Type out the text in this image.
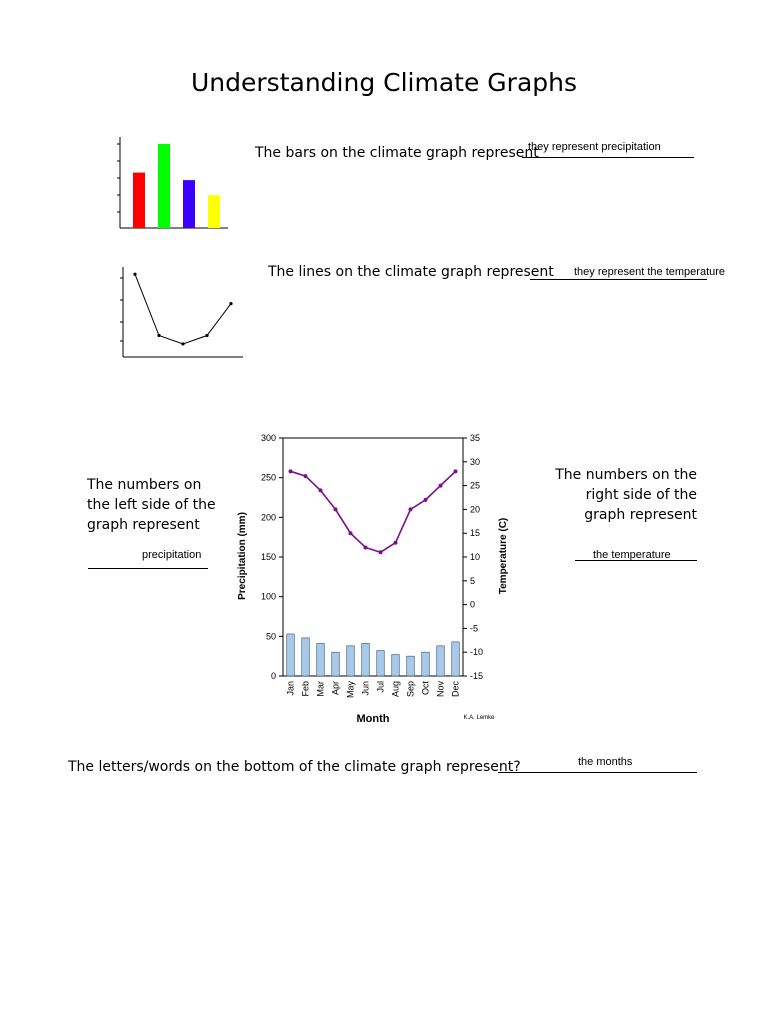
Understanding Climate Graphs
The bars on the climate graph represent
they represent precipitation
The lines on the climate graph represent they represent the temperature
The numbers on
the left side of the
graph represent
precipitation
The numbers on the
right side of the
graph represent
the temperature
0
50
100
150
200
250
300
-15
-10
-5
0
5
10
15
20
25
30
35
Jan Feb Mar Apr May Jun Jul Aug Sep Oct Nov Dec
Precipitation (mm)	Temperature (C)
Month	K.A. Lemke
The letters/words on the bottom of the climate graph represent?	the months
